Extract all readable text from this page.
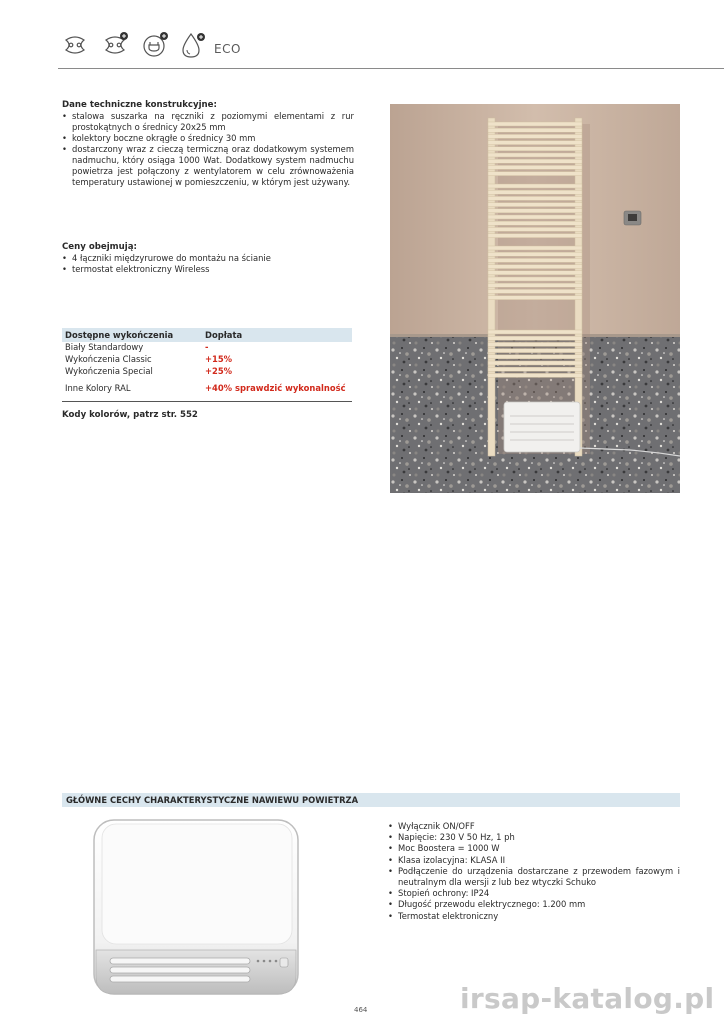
ECO
Dane techniczne konstrukcyjne:
• stalowa suszarka na ręczniki z poziomymi elementami z rur prostokątnych o średnicy 20x25 mm
• kolektory boczne okrągłe o średnicy 30 mm
• dostarczony wraz z cieczą termiczną oraz dodatkowym systemem nadmuchu, który osiąga 1000 Wat. Dodatkowy system nadmuchu powietrza jest połączony z wentylatorem w celu zrównoważenia temperatury ustawionej w pomieszczeniu, w którym jest używany.
Ceny obejmują:
• 4 łączniki międzyrurowe do montażu na ścianie
• termostat elektroniczny Wireless
Dostępne wykończenia	Dopłata
Biały Standardowy	-
Wykończenia Classic	+15%
Wykończenia Special	+25%
Inne Kolory RAL	+40% sprawdzić wykonalność
Kody kolorów, patrz str. 552
GŁÓWNE CECHY CHARAKTERYSTYCZNE NAWIEWU POWIETRZA
• Wyłącznik ON/OFF
• Napięcie: 230 V 50 Hz, 1 ph
• Moc Boostera = 1000 W
• Klasa izolacyjna: KLASA II
• Podłączenie do urządzenia dostarczane z przewodem fazowym i neutralnym dla wersji z lub bez wtyczki Schuko
• Stopień ochrony: IP24
• Długość przewodu elektrycznego: 1.200 mm
• Termostat elektroniczny
464	irsap-katalog.pl
